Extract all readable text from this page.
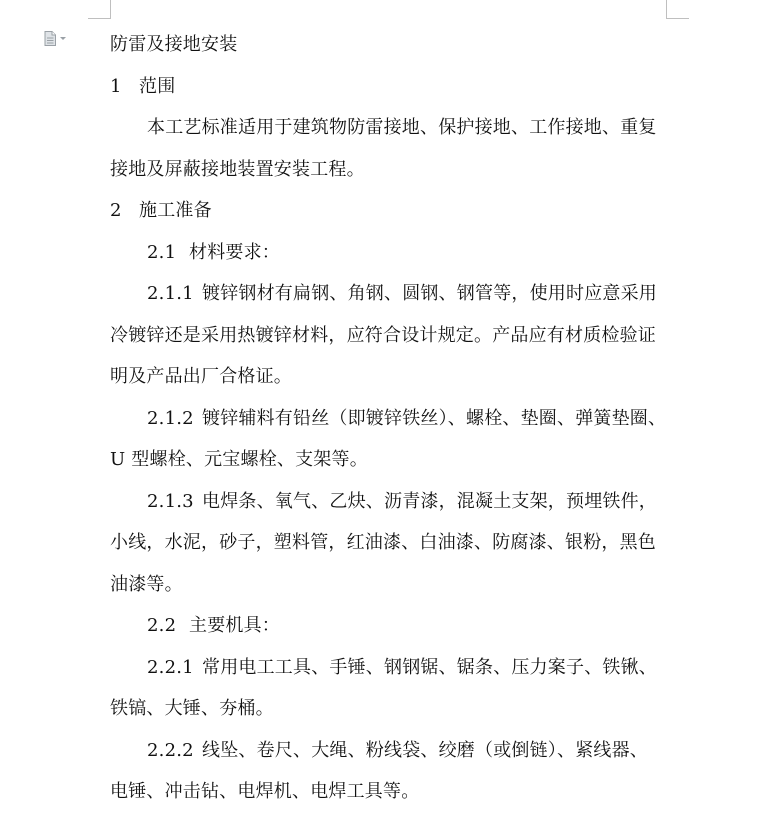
防雷及接地安装
1 范围
本工艺标准适用于建筑物防雷接地、保护接地、工作接地、重复
接地及屏蔽接地装置安装工程。
2 施工准备
2.1 材料要求：
2.1.1 镀锌钢材有扁钢、角钢、圆钢、钢管等，使用时应意采用
冷镀锌还是采用热镀锌材料，应符合设计规定。产品应有材质检验证
明及产品出厂合格证。
2.1.2 镀锌辅料有铅丝（即镀锌铁丝）、螺栓、垫圈、弹簧垫圈、
U 型螺栓、元宝螺栓、支架等。
2.1.3 电焊条、氧气、乙炔、沥青漆，混凝土支架，预埋铁件，
小线，水泥，砂子，塑料管，红油漆、白油漆、防腐漆、银粉，黑色
油漆等。
2.2 主要机具：
2.2.1 常用电工工具、手锤、钢钢锯、锯条、压力案子、铁锹、
铁镐、大锤、夯桶。
2.2.2 线坠、卷尺、大绳、粉线袋、绞磨（或倒链）、紧线器、
电锤、冲击钻、电焊机、电焊工具等。
